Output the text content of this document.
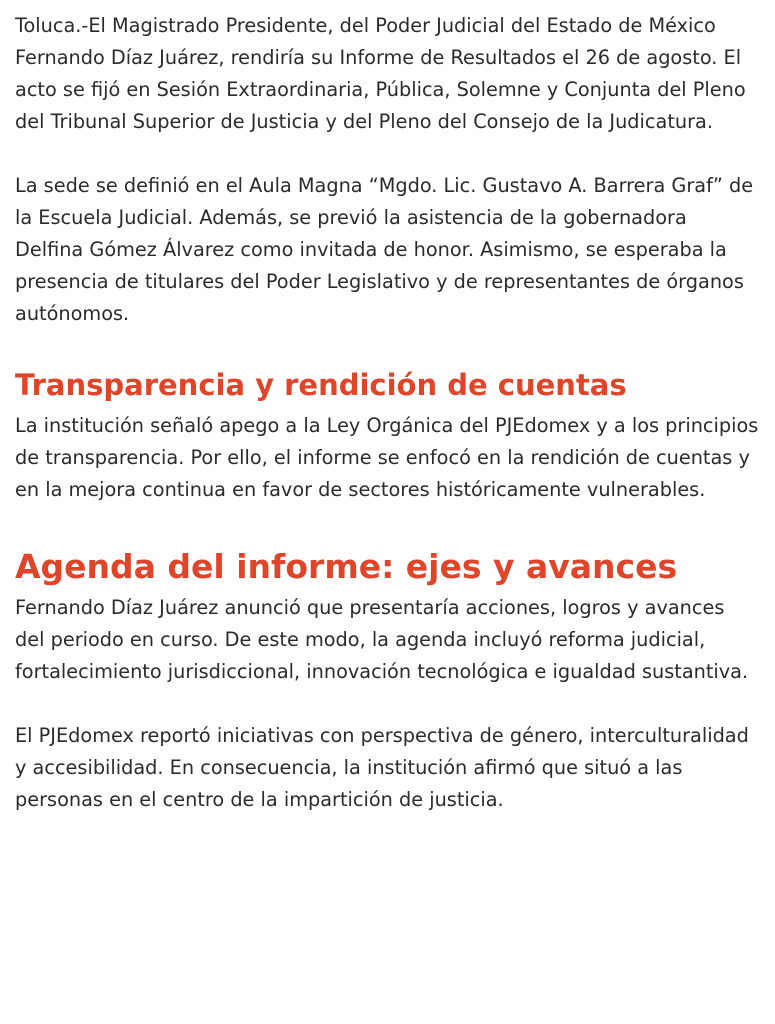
Toluca.-El Magistrado Presidente, del Poder Judicial del Estado de México Fernando Díaz Juárez, rendiría su Informe de Resultados el 26 de agosto. El acto se fijó en Sesión Extraordinaria, Pública, Solemne y Conjunta del Pleno del Tribunal Superior de Justicia y del Pleno del Consejo de la Judicatura.

La sede se definió en el Aula Magna “Mgdo. Lic. Gustavo A. Barrera Graf” de la Escuela Judicial. Además, se previó la asistencia de la gobernadora Delfina Gómez Álvarez como invitada de honor. Asimismo, se esperaba la presencia de titulares del Poder Legislativo y de representantes de órganos autónomos.

Transparencia y rendición de cuentas

La institución señaló apego a la Ley Orgánica del PJEdomex y a los principios de transparencia. Por ello, el informe se enfocó en la rendición de cuentas y en la mejora continua en favor de sectores históricamente vulnerables.

Agenda del informe: ejes y avances

Fernando Díaz Juárez anunció que presentaría acciones, logros y avances del periodo en curso. De este modo, la agenda incluyó reforma judicial, fortalecimiento jurisdiccional, innovación tecnológica e igualdad sustantiva.

El PJEdomex reportó iniciativas con perspectiva de género, interculturalidad y accesibilidad. En consecuencia, la institución afirmó que situó a las personas en el centro de la impartición de justicia.
